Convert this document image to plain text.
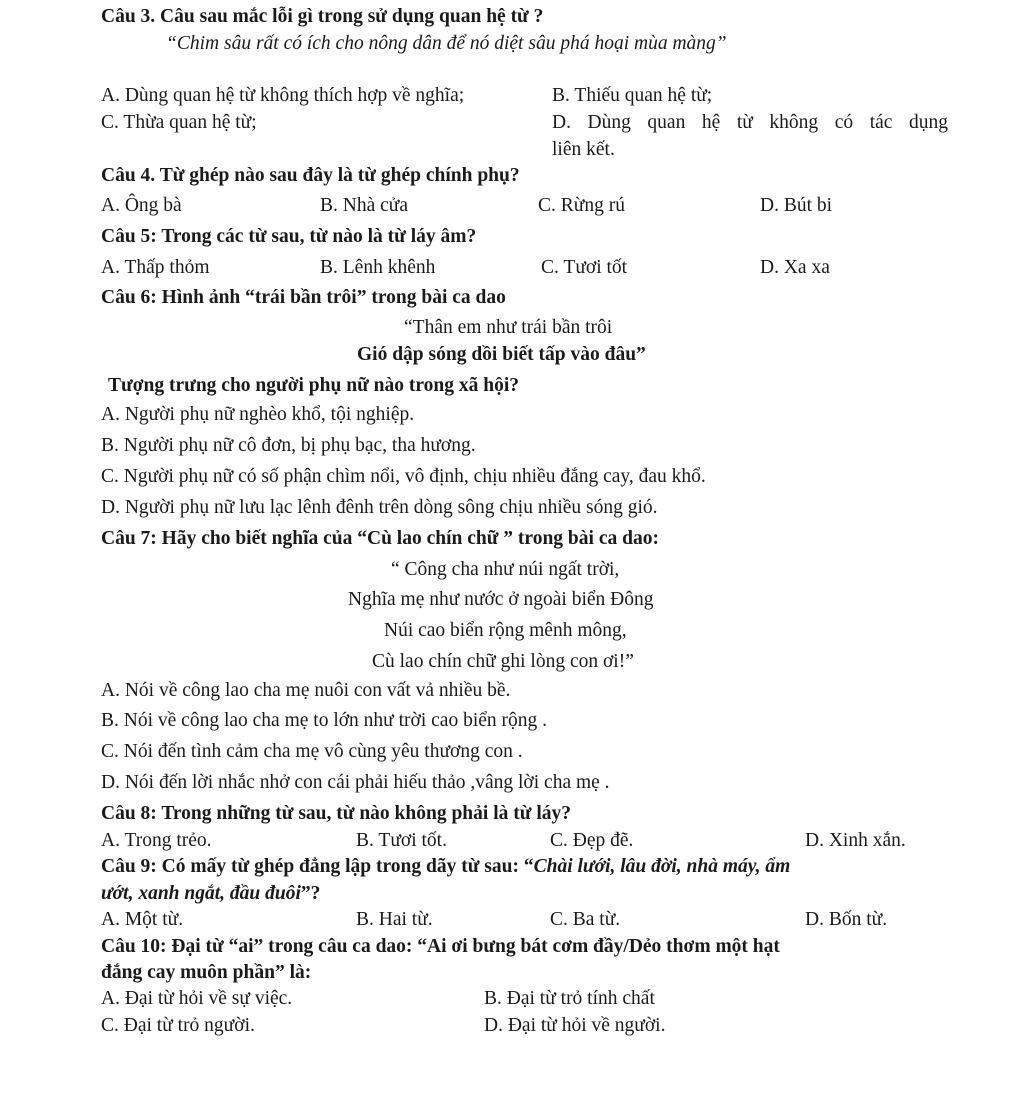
Câu 3. Câu sau mắc lỗi gì trong sử dụng quan hệ từ ?
“Chim sâu rất có ích cho nông dân để nó diệt sâu phá hoại mùa màng”
A. Dùng quan hệ từ không thích hợp về nghĩa;	B. Thiếu quan hệ từ;
C. Thừa quan hệ từ;	D. Dùng quan hệ từ không có tác dụng
liên kết.
Câu 4. Từ ghép nào sau đây là từ ghép chính phụ?
A. Ông bà	B. Nhà cửa	C. Rừng rú	D. Bút bi
Câu 5: Trong các từ sau, từ nào là từ láy âm?
A. Thấp thỏm	B. Lênh khênh	C. Tươi tốt	D. Xa xa
Câu 6: Hình ảnh “trái bần trôi” trong bài ca dao
“Thân em như trái bần trôi
Gió dập sóng dồi biết tấp vào đâu”
Tượng trưng cho người phụ nữ nào trong xã hội?
A. Người phụ nữ nghèo khổ, tội nghiệp.
B. Người phụ nữ cô đơn, bị phụ bạc, tha hương.
C. Người phụ nữ có số phận chìm nổi, vô định, chịu nhiều đắng cay, đau khổ.
D. Người phụ nữ lưu lạc lênh đênh trên dòng sông chịu nhiều sóng gió.
Câu 7: Hãy cho biết nghĩa của “Cù lao chín chữ ” trong bài ca dao:
“ Công cha như núi ngất trời,
Nghĩa mẹ như nước ở ngoài biển Đông
Núi cao biển rộng mênh mông,
Cù lao chín chữ ghi lòng con ơi!”
A. Nói về công lao cha mẹ nuôi con vất vả nhiều bề.
B. Nói về công lao cha mẹ to lớn như trời cao biển rộng .
C. Nói đến tình cảm cha mẹ vô cùng yêu thương con .
D. Nói đến lời nhắc nhở con cái phải hiếu thảo ,vâng lời cha mẹ .
Câu 8: Trong những từ sau, từ nào không phải là từ láy?
A. Trong trẻo.	B. Tươi tốt.	C. Đẹp đẽ.	D. Xinh xắn.
Câu 9: Có mấy từ ghép đẳng lập trong dãy từ sau: “Chài lưới, lâu đời, nhà máy, ẩm
ướt, xanh ngắt, đầu đuôi”?
A. Một từ.	B. Hai từ.	C. Ba từ.	D. Bốn từ.
Câu 10: Đại từ “ai” trong câu ca dao: “Ai ơi bưng bát cơm đầy/Dẻo thơm một hạt
đắng cay muôn phần” là:
A. Đại từ hỏi về sự việc.	B. Đại từ trỏ tính chất
C. Đại từ trỏ người.	D. Đại từ hỏi về người.
